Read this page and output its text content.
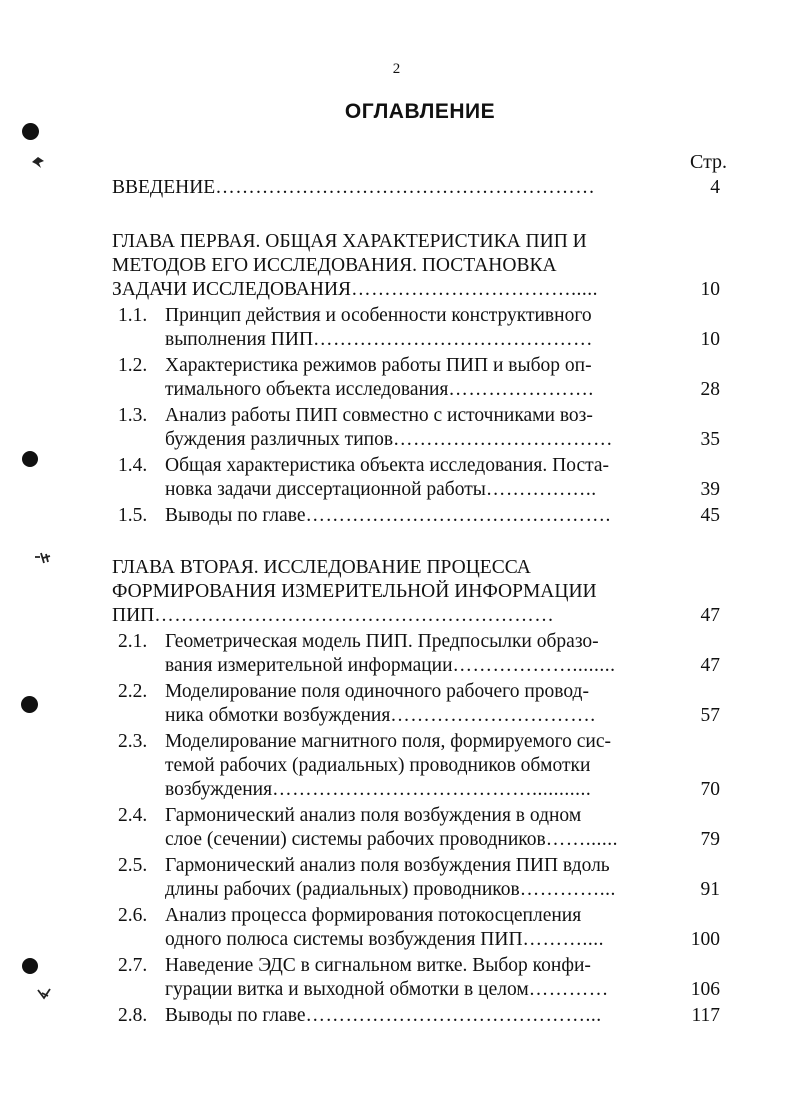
2
ОГЛАВЛЕНИЕ
Стр.
ВВЕДЕНИЕ…………………………………………………	4
ГЛАВА ПЕРВАЯ. ОБЩАЯ ХАРАКТЕРИСТИКА ПИП И
МЕТОДОВ ЕГО ИССЛЕДОВАНИЯ. ПОСТАНОВКА
ЗАДАЧИ ИССЛЕДОВАНИЯ…………………………….....	10
1.1. Принцип действия и особенности конструктивного
выполнения ПИП……………………………………	10
1.2. Характеристика режимов работы ПИП и выбор оп-
тимального объекта исследования………………….	28
1.3. Анализ работы ПИП совместно с источниками воз-
буждения различных типов……………………………	35
1.4. Общая характеристика объекта исследования. Поста-
новка задачи диссертационной работы……………..	39
1.5. Выводы по главе……………………………………….	45
ГЛАВА ВТОРАЯ. ИССЛЕДОВАНИЕ ПРОЦЕССА
ФОРМИРОВАНИЯ ИЗМЕРИТЕЛЬНОЙ ИНФОРМАЦИИ
ПИП……………………………………………………	47
2.1. Геометрическая модель ПИП. Предпосылки образо-
вания измерительной информации………………........	47
2.2. Моделирование поля одиночного рабочего провод-
ника обмотки возбуждения………………………….	57
2.3. Моделирование магнитного поля, формируемого сис-
темой рабочих (радиальных) проводников обмотки
возбуждения…………………………………...........	70
2.4. Гармонический анализ поля возбуждения в одном
слое (сечении) системы рабочих проводников……......	79
2.5. Гармонический анализ поля возбуждения ПИП вдоль
длины рабочих (радиальных) проводников…………...	91
2.6. Анализ процесса формирования потокосцепления
одного полюса системы возбуждения ПИП………....	100
2.7. Наведение ЭДС в сигнальном витке. Выбор конфи-
гурации витка и выходной обмотки в целом…………	106
2.8. Выводы по главе……………………………………...	117
